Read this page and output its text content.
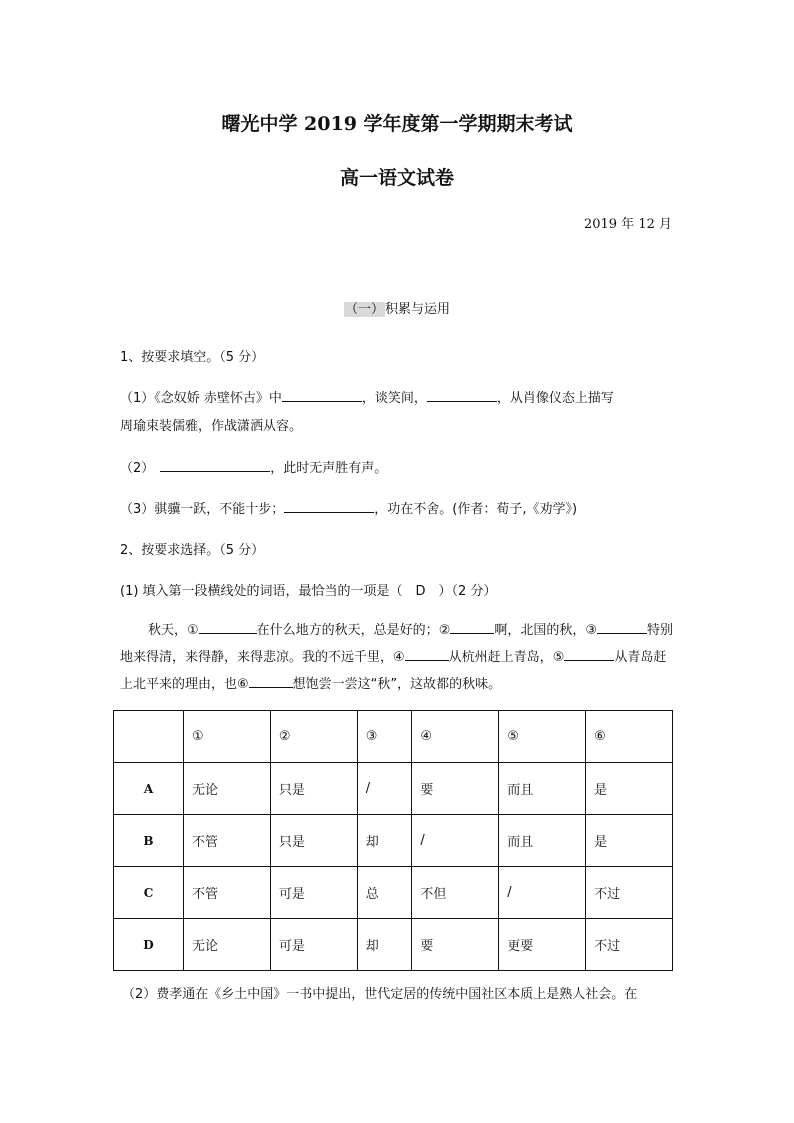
曙光中学 2019 学年度第一学期期末考试
高一语文试卷
2019 年 12 月
（一）积累与运用
1、按要求填空。（5 分）
（1）《念奴娇 赤壁怀古》中	，谈笑间，	，从肖像仪态上描写
周瑜束装儒雅，作战潇洒从容。
（2）	，此时无声胜有声。
（3）骐骥一跃，不能十步；	，功在不舍。(作者：荀子,《劝学》)
2、按要求选择。（5 分）
(1) 填入第一段横线处的词语，最恰当的一项是（　D　）（2 分）
秋天，①	在什么地方的秋天，总是好的；②	啊，北国的秋，③	特别地来得清，来得静，来得悲凉。我的不远千里，④	从杭州赶上青岛，⑤	从青岛赶上北平来的理由，也⑥	想饱尝一尝这“秋”，这故都的秋味。
	①	②	③	④	⑤	⑥
A	无论	只是	/	要	而且	是
B	不管	只是	却	/	而且	是
C	不管	可是	总	不但	/	不过
D	无论	可是	却	要	更要	不过
（2）费孝通在《乡土中国》一书中提出，世代定居的传统中国社区本质上是熟人社会。在
